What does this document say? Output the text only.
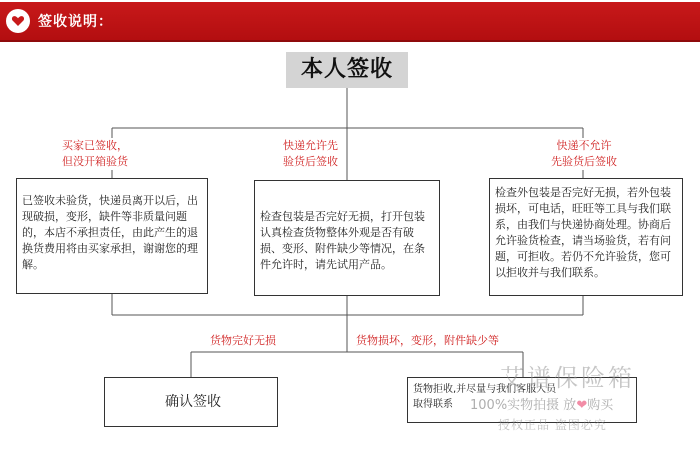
签收说明：
本人签收
买家已签收，
但没开箱验货
快递允许先
验货后签收
快递不允许
先验货后签收
已签收未验货，快递员离开以后，出现破损，变形，缺件等非质量问题的，本店不承担责任，由此产生的退换货费用将由买家承担，谢谢您的理解。
检查包装是否完好无损，打开包装认真检查货物整体外观是否有破损、变形、附件缺少等情况，在条件允许时，请先试用产品。
检查外包装是否完好无损，若外包装损坏，可电话，旺旺等工具与我们联系，由我们与快递协商处理。协商后允许验货检查，请当场验货，若有问题，可拒收。若仍不允许验货，您可以拒收并与我们联系。
货物完好无损	货物损坏，变形，附件缺少等
确认签收
货物拒收,并尽量与我们客服人员
取得联系
艾谱保险箱
100%实物拍摄 放❤购买
授权正品 盗图必究
